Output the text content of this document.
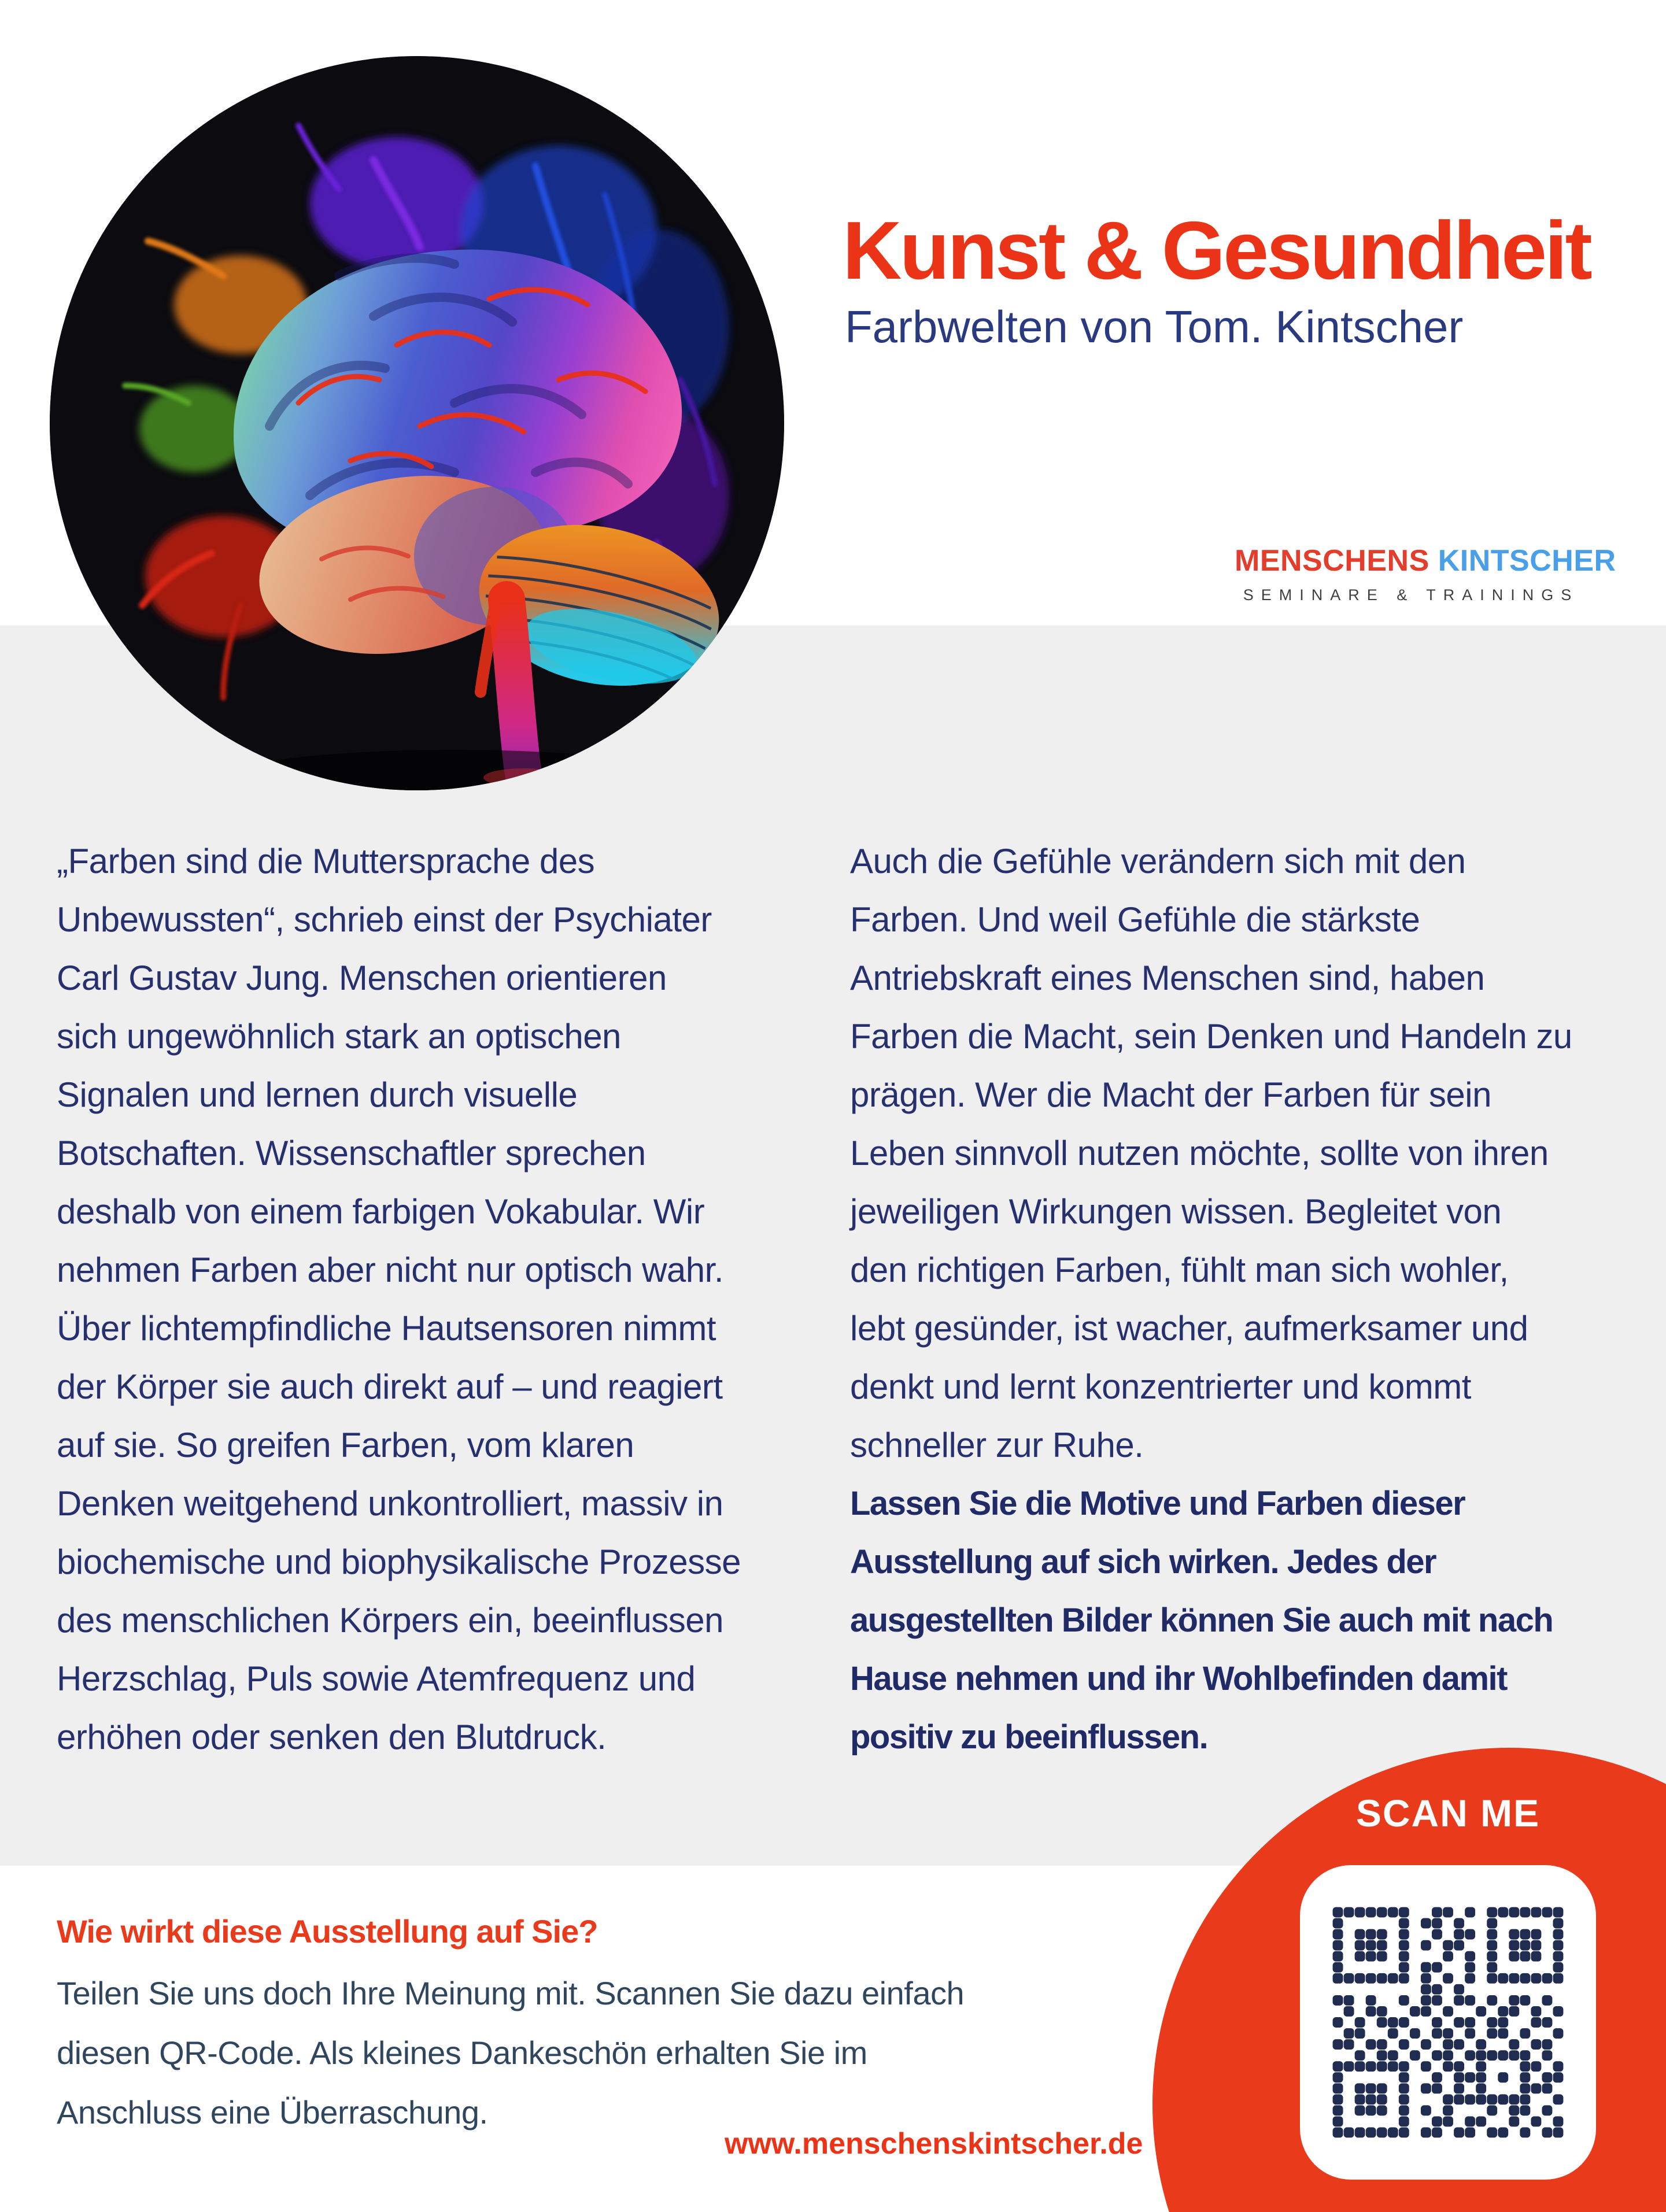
Kunst & Gesundheit
Farbwelten von Tom. Kintscher
MENSCHENS KINTSCHER
SEMINARE & TRAININGS
„Farben sind die Muttersprache des
Unbewussten“, schrieb einst der Psychiater
Carl Gustav Jung. Menschen orientieren
sich ungewöhnlich stark an optischen
Signalen und lernen durch visuelle
Botschaften. Wissenschaftler sprechen
deshalb von einem farbigen Vokabular. Wir
nehmen Farben aber nicht nur optisch wahr.
Über lichtempfindliche Hautsensoren nimmt
der Körper sie auch direkt auf – und reagiert
auf sie. So greifen Farben, vom klaren
Denken weitgehend unkontrolliert, massiv in
biochemische und biophysikalische Prozesse
des menschlichen Körpers ein, beeinflussen
Herzschlag, Puls sowie Atemfrequenz und
erhöhen oder senken den Blutdruck.
Auch die Gefühle verändern sich mit den
Farben. Und weil Gefühle die stärkste
Antriebskraft eines Menschen sind, haben
Farben die Macht, sein Denken und Handeln zu
prägen. Wer die Macht der Farben für sein
Leben sinnvoll nutzen möchte, sollte von ihren
jeweiligen Wirkungen wissen. Begleitet von
den richtigen Farben, fühlt man sich wohler,
lebt gesünder, ist wacher, aufmerksamer und
denkt und lernt konzentrierter und kommt
schneller zur Ruhe.
Lassen Sie die Motive und Farben dieser
Ausstellung auf sich wirken. Jedes der
ausgestellten Bilder können Sie auch mit nach
Hause nehmen und ihr Wohlbefinden damit
positiv zu beeinflussen.
SCAN ME
Wie wirkt diese Ausstellung auf Sie?
Teilen Sie uns doch Ihre Meinung mit. Scannen Sie dazu einfach
diesen QR-Code. Als kleines Dankeschön erhalten Sie im
Anschluss eine Überraschung.
www.menschenskintscher.de
